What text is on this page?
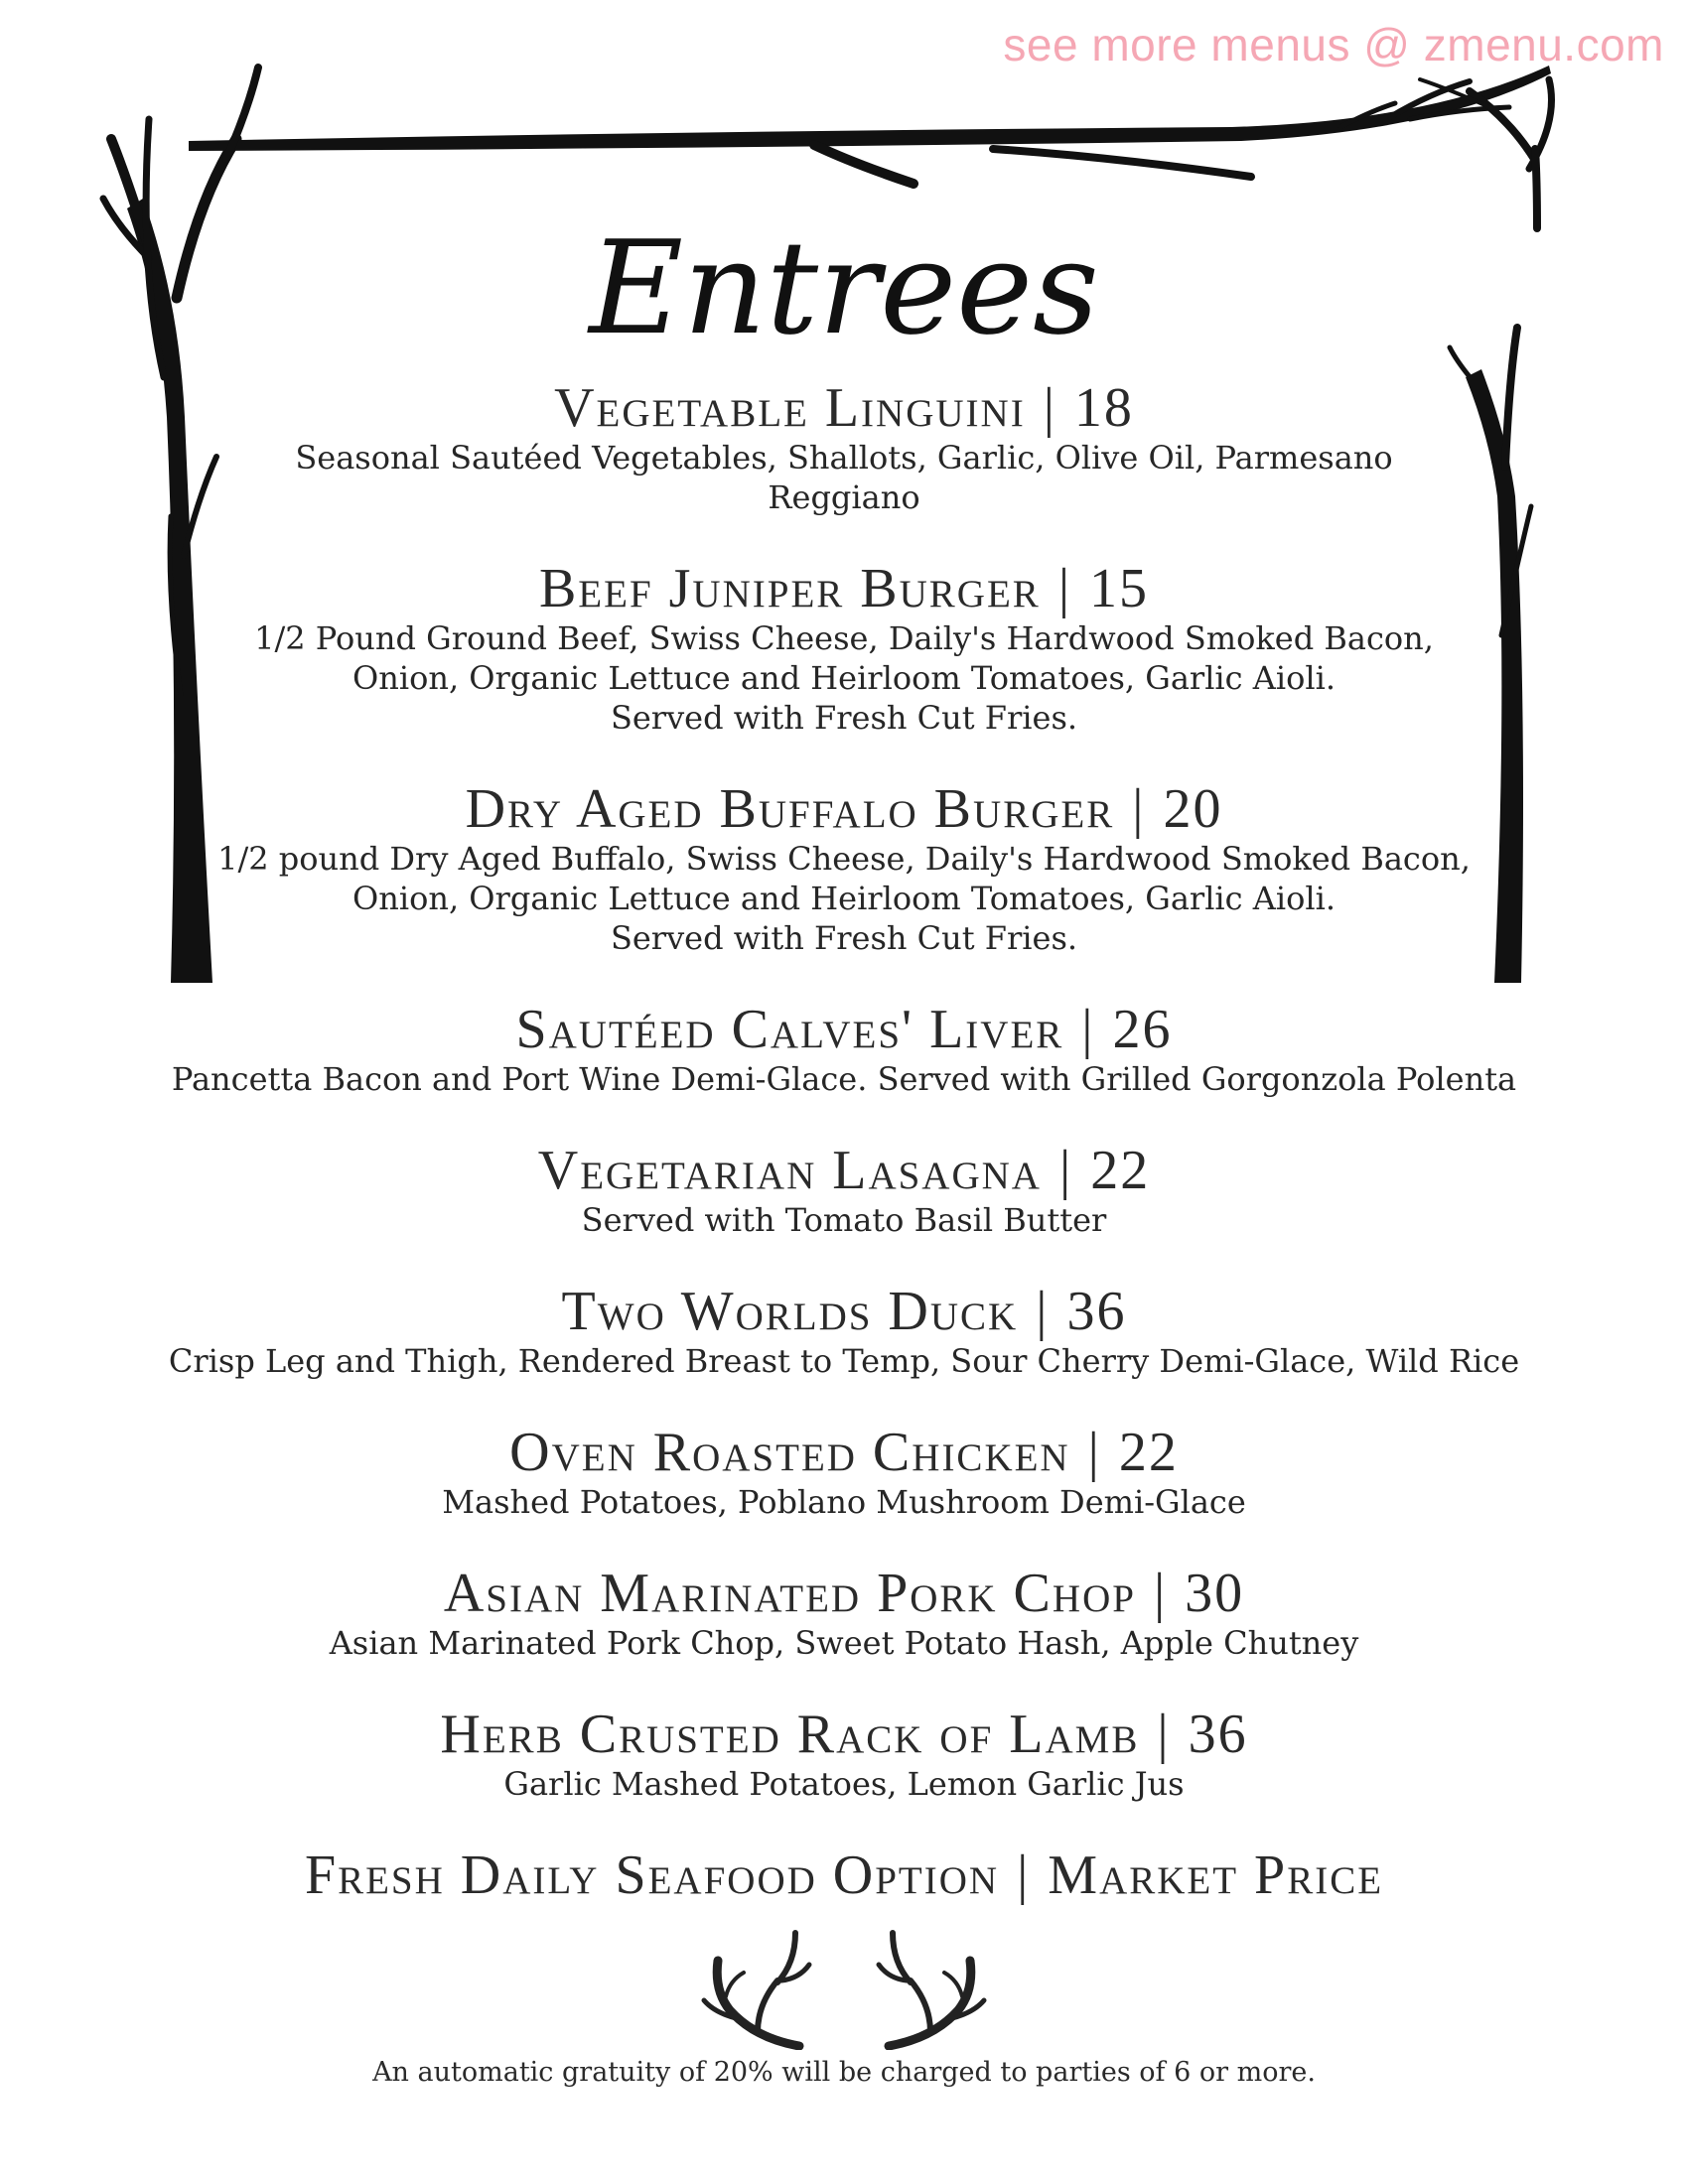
see more menus @ zmenu.com
Entrees
Vegetable Linguini | 18
Seasonal Sautéed Vegetables, Shallots, Garlic, Olive Oil, Parmesano
Reggiano
Beef Juniper Burger | 15
1/2 Pound Ground Beef, Swiss Cheese, Daily's Hardwood Smoked Bacon,
Onion, Organic Lettuce and Heirloom Tomatoes, Garlic Aioli.
Served with Fresh Cut Fries.
Dry Aged Buffalo Burger | 20
1/2 pound Dry Aged Buffalo, Swiss Cheese, Daily's Hardwood Smoked Bacon,
Onion, Organic Lettuce and Heirloom Tomatoes, Garlic Aioli.
Served with Fresh Cut Fries.
Sautéed Calves' Liver | 26
Pancetta Bacon and Port Wine Demi-Glace. Served with Grilled Gorgonzola Polenta
Vegetarian Lasagna | 22
Served with Tomato Basil Butter
Two Worlds Duck | 36
Crisp Leg and Thigh, Rendered Breast to Temp, Sour Cherry Demi-Glace, Wild Rice
Oven Roasted Chicken | 22
Mashed Potatoes, Poblano Mushroom Demi-Glace
Asian Marinated Pork Chop | 30
Asian Marinated Pork Chop, Sweet Potato Hash, Apple Chutney
Herb Crusted Rack of Lamb | 36
Garlic Mashed Potatoes, Lemon Garlic Jus
Fresh Daily Seafood Option | Market Price
An automatic gratuity of 20% will be charged to parties of 6 or more.
